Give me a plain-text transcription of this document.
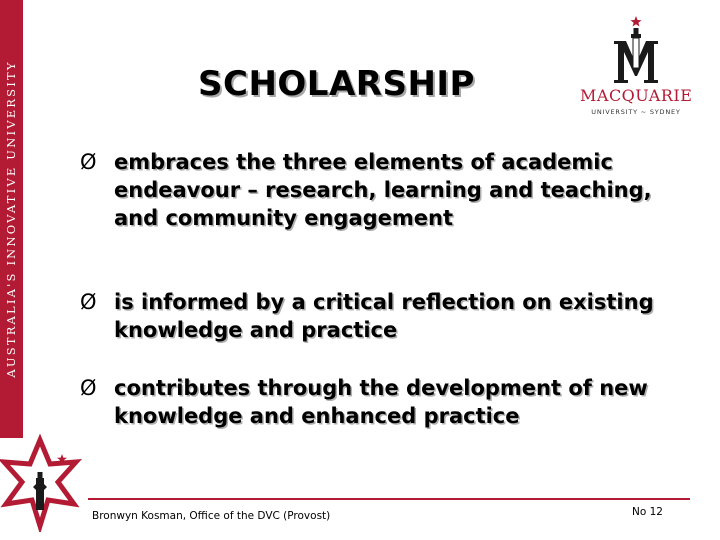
AUSTRALIA'S INNOVATIVE UNIVERSITY	SCHOLARSHIP	MACQUARIE
UNIVERSITY ~ SYDNEY
Ø embraces the three elements of academic endeavour – research, learning and teaching, and community engagement
Ø is informed by a critical reflection on existing knowledge and practice
Ø contributes through the development of new knowledge and enhanced practice
Bronwyn Kosman, Office of the DVC (Provost)	No 12
